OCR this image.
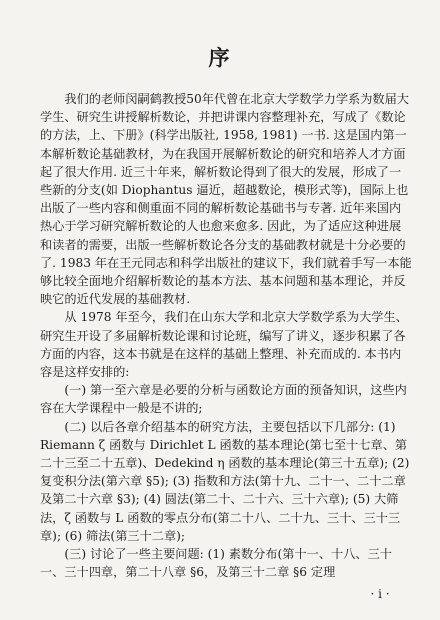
序

我们的老师闵嗣鹤教授50年代曾在北京大学数学力学系为数届大学生、研究生讲授解析数论，并把讲课内容整理补充，写成了《数论的方法，上、下册》(科学出版社, 1958, 1981) 一书. 这是国内第一本解析数论基础教材，为在我国开展解析数论的研究和培养人才方面起了很大作用. 近三十年来，解析数论得到了很大的发展，形成了一些新的分支(如 Diophantus 逼近，超越数论，模形式等)，国际上也出版了一些内容和侧重面不同的解析数论基础书与专著. 近年来国内热心于学习研究解析数论的人也愈来愈多. 因此，为了适应这种进展和读者的需要，出版一些解析数论各分支的基础教材就是十分必要的了. 1983 年在王元同志和科学出版社的建议下，我们就着手写一本能够比较全面地介绍解析数论的基本方法、基本问题和基本理论，并反映它的近代发展的基础教材.

从 1978 年至今，我们在山东大学和北京大学数学系为大学生、研究生开设了多届解析数论课和讨论班，编写了讲义，逐步积累了各方面的内容，这本书就是在这样的基础上整理、补充而成的. 本书内容是这样安排的:

(一) 第一至六章是必要的分析与函数论方面的预备知识，这些内容在大学课程中一般是不讲的;

(二) 以后各章介绍基本的研究方法，主要包括以下几部分: (1) Riemann ζ 函数与 Dirichlet L 函数的基本理论(第七至十七章、第二十三至二十五章)、Dedekind η 函数的基本理论(第三十五章); (2) 复变积分法(第六章 §5); (3) 指数和方法(第十九、二十一、二十二章及第二十六章 §3); (4) 圆法(第二十、二十六、三十六章); (5) 大筛法，ζ 函数与 L 函数的零点分布(第二十八、二十九、三十、三十三章); (6) 筛法(第三十二章);

(三) 讨论了一些主要问题: (1) 素数分布(第十一、十八、三十一、三十四章，第二十八章 §6，及第三十二章 §6 定理

· i ·
